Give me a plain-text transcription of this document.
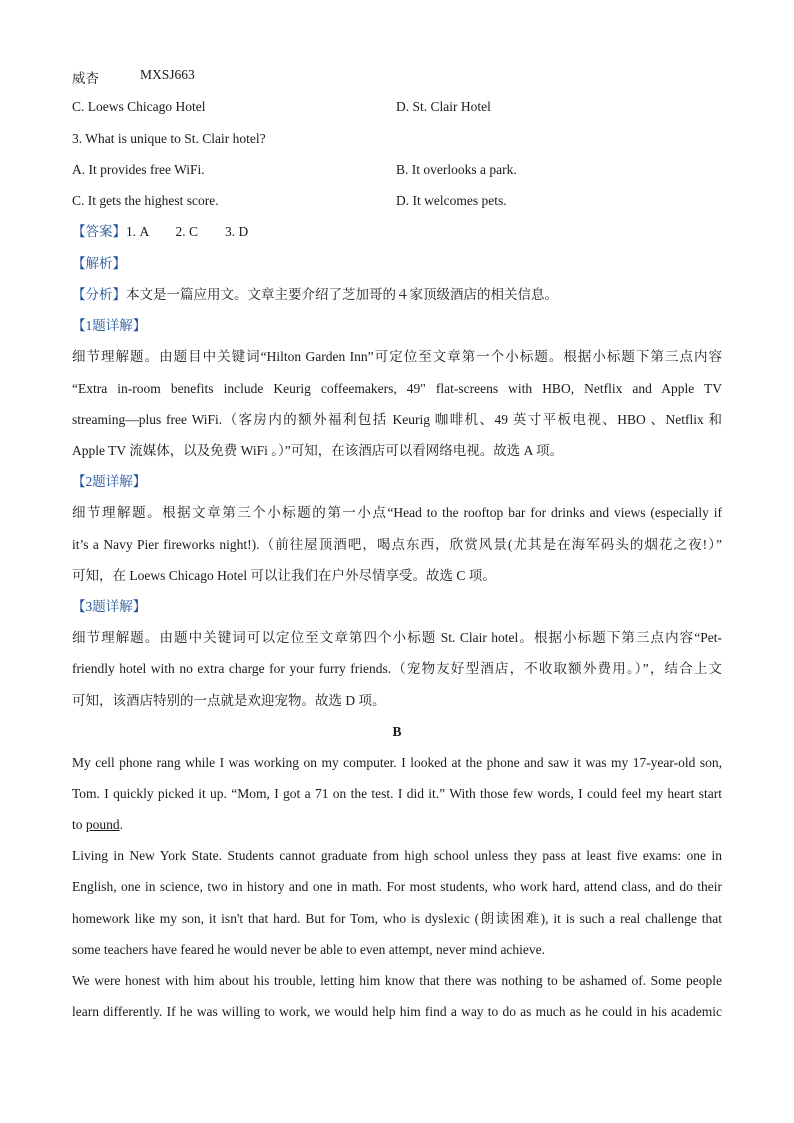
威杏	MXSJ663
C. Loews Chicago Hotel	D. St. Clair Hotel
3. What is unique to St. Clair hotel?
A. It provides free WiFi.	B. It overlooks a park.
C. It gets the highest score.	D. It welcomes pets.
【答案】1. A        2. C        3. D
【解析】
【分析】本文是一篇应用文。文章主要介绍了芝加哥的４家顶级酒店的相关信息。
【1题详解】
细节理解题。由题目中关键词“Hilton Garden Inn”可定位至文章第一个小标题。根据小标题下第三点内容
“Extra in-room benefits include Keurig coffeemakers, 49" flat-screens with HBO, Netflix and Apple TV
streaming—plus free WiFi.（客房内的额外福利包括 Keurig 咖啡机、49 英寸平板电视、HBO 、Netflix 和
Apple TV 流媒体，以及免费 WiFi 。）”可知，在该酒店可以看网络电视。故选 A 项。
【2题详解】
细节理解题。根据文章第三个小标题的第一小点“Head to the rooftop bar for drinks and views (especially if
it’s a Navy Pier fireworks night!).（前往屋顶酒吧，喝点东西，欣赏风景(尤其是在海军码头的烟花之夜!）”
可知，在 Loews Chicago Hotel 可以让我们在户外尽情享受。故选 C 项。
【3题详解】
细节理解题。由题中关键词可以定位至文章第四个小标题 St. Clair hotel。根据小标题下第三点内容“Pet-
friendly hotel with no extra charge for your furry friends.（宠物友好型酒店，不收取额外费用。）”，结合上文
可知，该酒店特别的一点就是欢迎宠物。故选 D 项。
B
My cell phone rang while I was working on my computer. I looked at the phone and saw it was my 17-year-old son,
Tom. I quickly picked it up. “Mom, I got a 71 on the test. I did it.” With those few words, I could feel my heart start
to pound.
Living in New York State. Students cannot graduate from high school unless they pass at least five exams: one in
English, one in science, two in history and one in math. For most students, who work hard, attend class, and do their
homework like my son, it isn't that hard. But for Tom, who is dyslexic (朗读困难), it is such a real challenge that
some teachers have feared he would never be able to even attempt, never mind achieve.
We were honest with him about his trouble, letting him know that there was nothing to be ashamed of. Some people
learn differently. If he was willing to work, we would help him find a way to do as much as he could in his academic
